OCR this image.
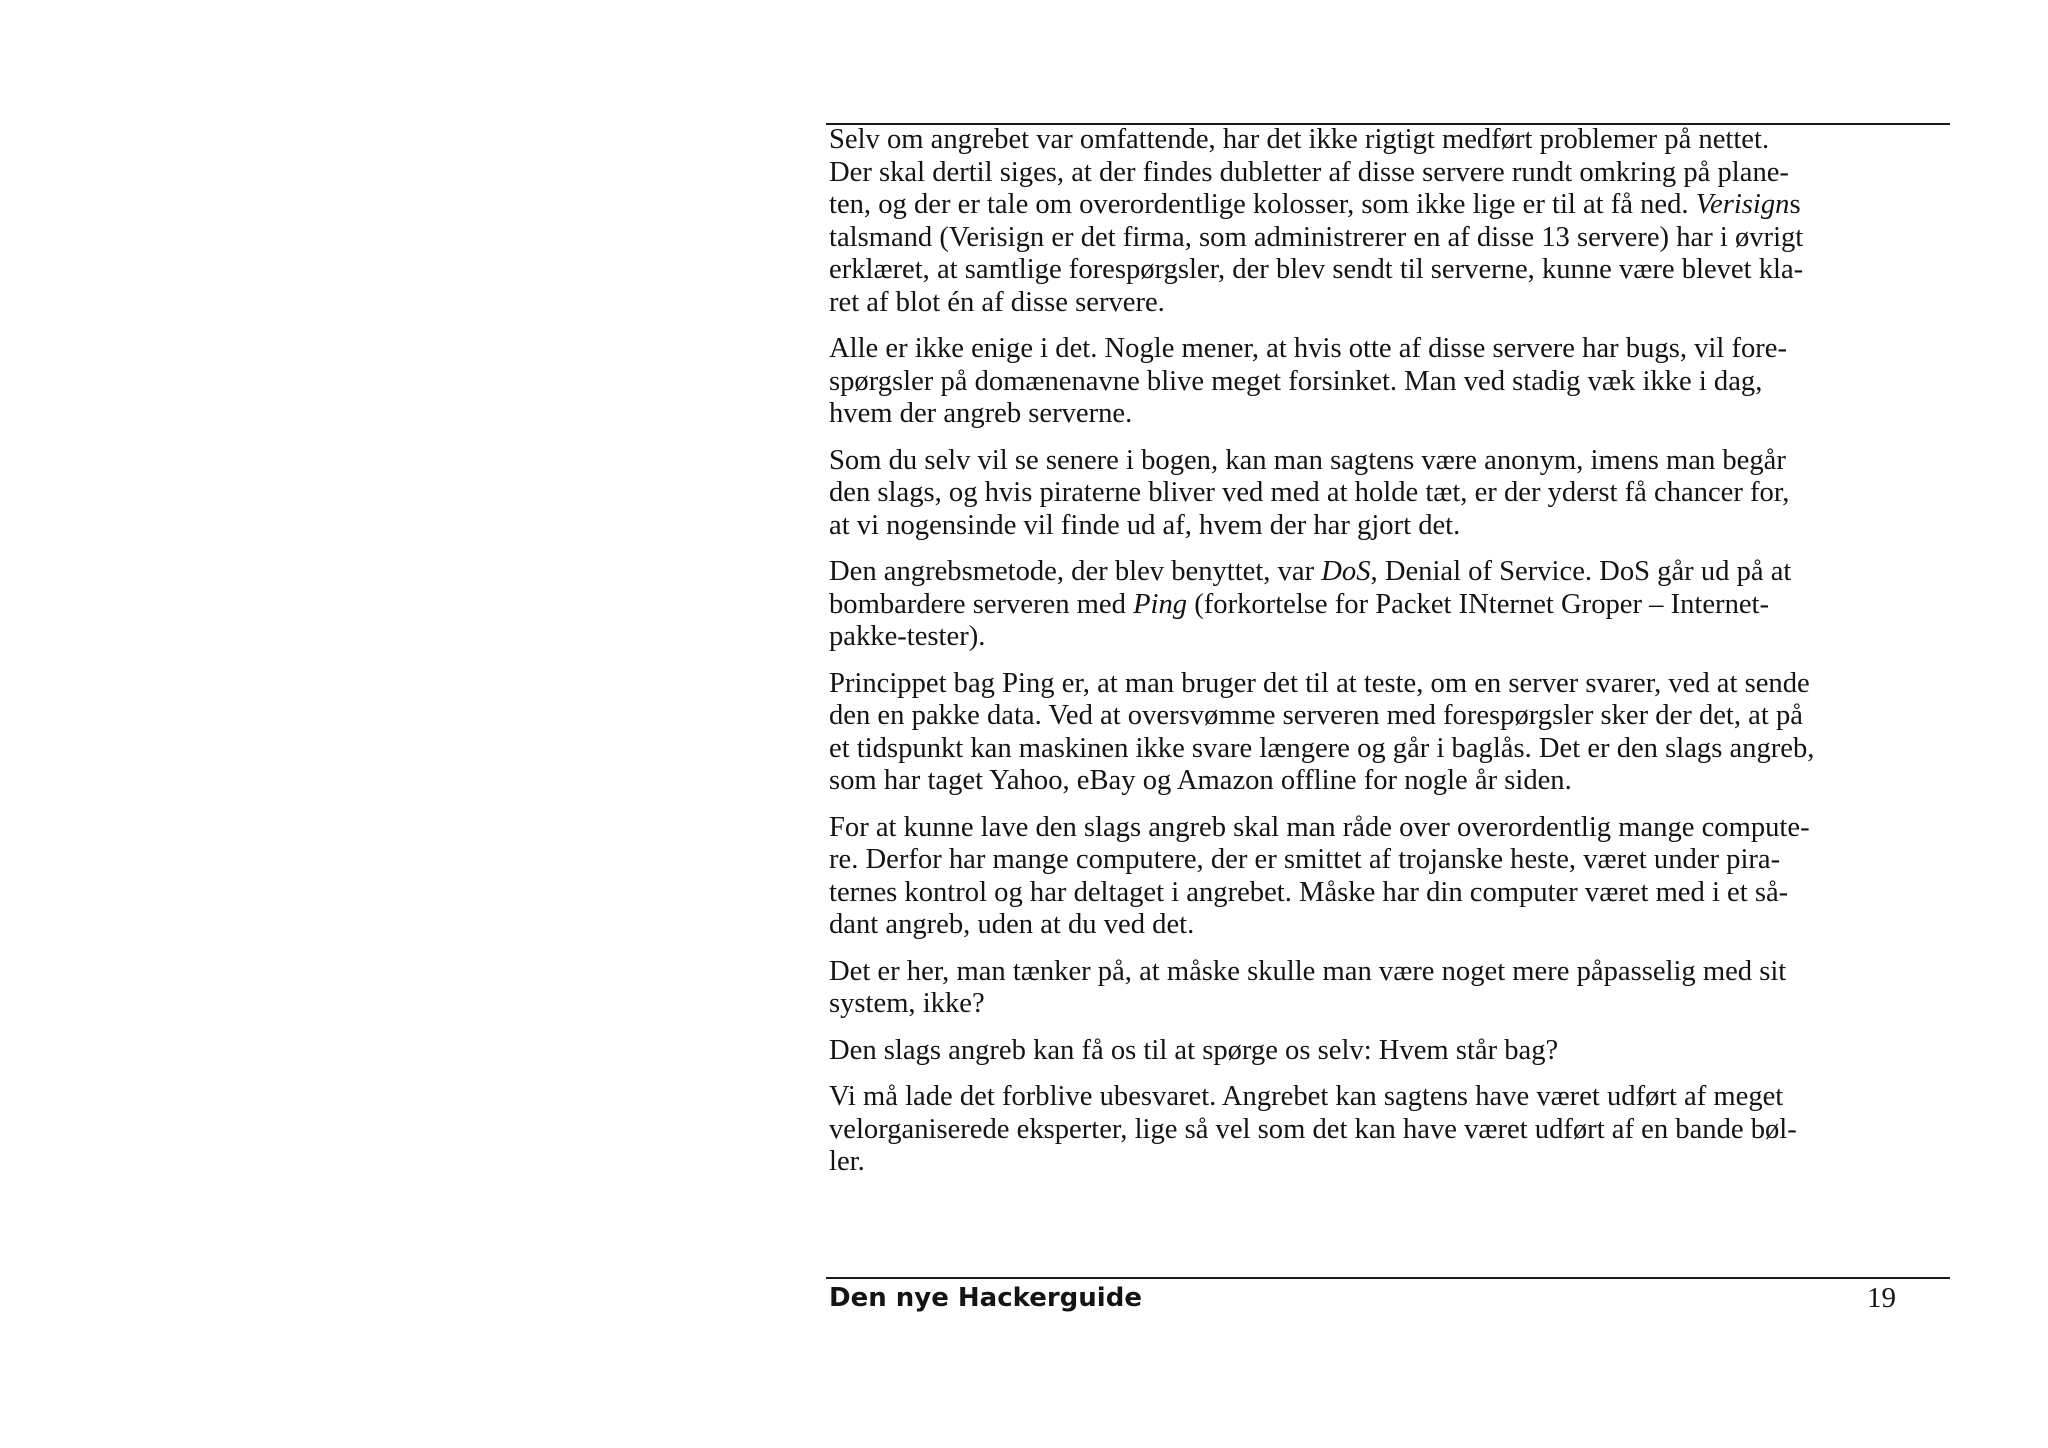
Selv om angrebet var omfattende, har det ikke rigtigt medført problemer på nettet.
Der skal dertil siges, at der findes dubletter af disse servere rundt omkring på plane-
ten, og der er tale om overordentlige kolosser, som ikke lige er til at få ned. Verisigns
talsmand (Verisign er det firma, som administrerer en af disse 13 servere) har i øvrigt
erklæret, at samtlige forespørgsler, der blev sendt til serverne, kunne være blevet kla-
ret af blot én af disse servere.

Alle er ikke enige i det. Nogle mener, at hvis otte af disse servere har bugs, vil fore-
spørgsler på domænenavne blive meget forsinket. Man ved stadig væk ikke i dag,
hvem der angreb serverne.

Som du selv vil se senere i bogen, kan man sagtens være anonym, imens man begår
den slags, og hvis piraterne bliver ved med at holde tæt, er der yderst få chancer for,
at vi nogensinde vil finde ud af, hvem der har gjort det.

Den angrebsmetode, der blev benyttet, var DoS, Denial of Service. DoS går ud på at
bombardere serveren med Ping (forkortelse for Packet INternet Groper – Internet-
pakke-tester).

Princippet bag Ping er, at man bruger det til at teste, om en server svarer, ved at sende
den en pakke data. Ved at oversvømme serveren med forespørgsler sker der det, at på
et tidspunkt kan maskinen ikke svare længere og går i baglås. Det er den slags angreb,
som har taget Yahoo, eBay og Amazon offline for nogle år siden.

For at kunne lave den slags angreb skal man råde over overordentlig mange compute-
re. Derfor har mange computere, der er smittet af trojanske heste, været under pira-
ternes kontrol og har deltaget i angrebet. Måske har din computer været med i et så-
dant angreb, uden at du ved det.

Det er her, man tænker på, at måske skulle man være noget mere påpasselig med sit
system, ikke?

Den slags angreb kan få os til at spørge os selv: Hvem står bag?

Vi må lade det forblive ubesvaret. Angrebet kan sagtens have været udført af meget
velorganiserede eksperter, lige så vel som det kan have været udført af en bande bøl-
ler.

Den nye Hackerguide	19
